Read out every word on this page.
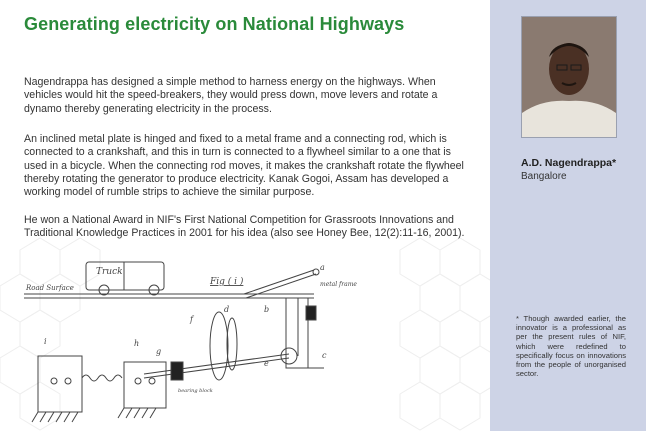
Generating electricity on National Highways
Nagendrappa has designed a simple method to harness energy on the highways. When vehicles would hit the speed-breakers, they would press down, move levers and rotate a dynamo thereby generating electricity in the process.
An inclined metal plate is hinged and fixed to a metal frame and a connecting rod, which is connected to a crankshaft, and this in turn is connected to a flywheel similar to a one that is used in a bicycle. When the connecting rod moves, it makes the crankshaft rotate the flywheel thereby rotating the generator to produce electricity. Kanak Gogoi, Assam has developed a working model of rumble strips to achieve the similar purpose.
He won a National Award in NIF's First National Competition for Grassroots Innovations and Traditional Knowledge Practices in 2001 for his idea (also see Honey Bee, 12(2):11-16, 2001).
Truck
Road Surface
Fig ( i )
a
metal frame
b
d
f
c
e
g
h
i
bearing block
A.D. Nagendrappa*
Bangalore
* Though awarded earlier, the innovator is a professional as per the present rules of NIF, which were redefined to specifically focus on innovations from the people of unorganised sector.
